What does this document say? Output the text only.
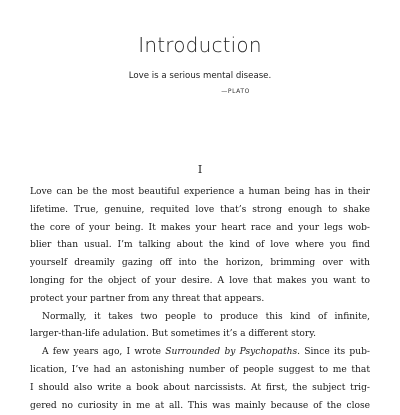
Introduction

Love is a serious mental disease.

—PLATO

I

Love can be the most beautiful experience a human being has in their
lifetime. True, genuine, requited love that’s strong enough to shake
the core of your being. It makes your heart race and your legs wob-
blier than usual. I’m talking about the kind of love where you find
yourself dreamily gazing off into the horizon, brimming over with
longing for the object of your desire. A love that makes you want to
protect your partner from any threat that appears.

Normally, it takes two people to produce this kind of infinite,
larger-than-life adulation. But sometimes it’s a different story.

A few years ago, I wrote Surrounded by Psychopaths. Since its pub-
lication, I’ve had an astonishing number of people suggest to me that
I should also write a book about narcissists. At first, the subject trig-
gered no curiosity in me at all. This was mainly because of the close
